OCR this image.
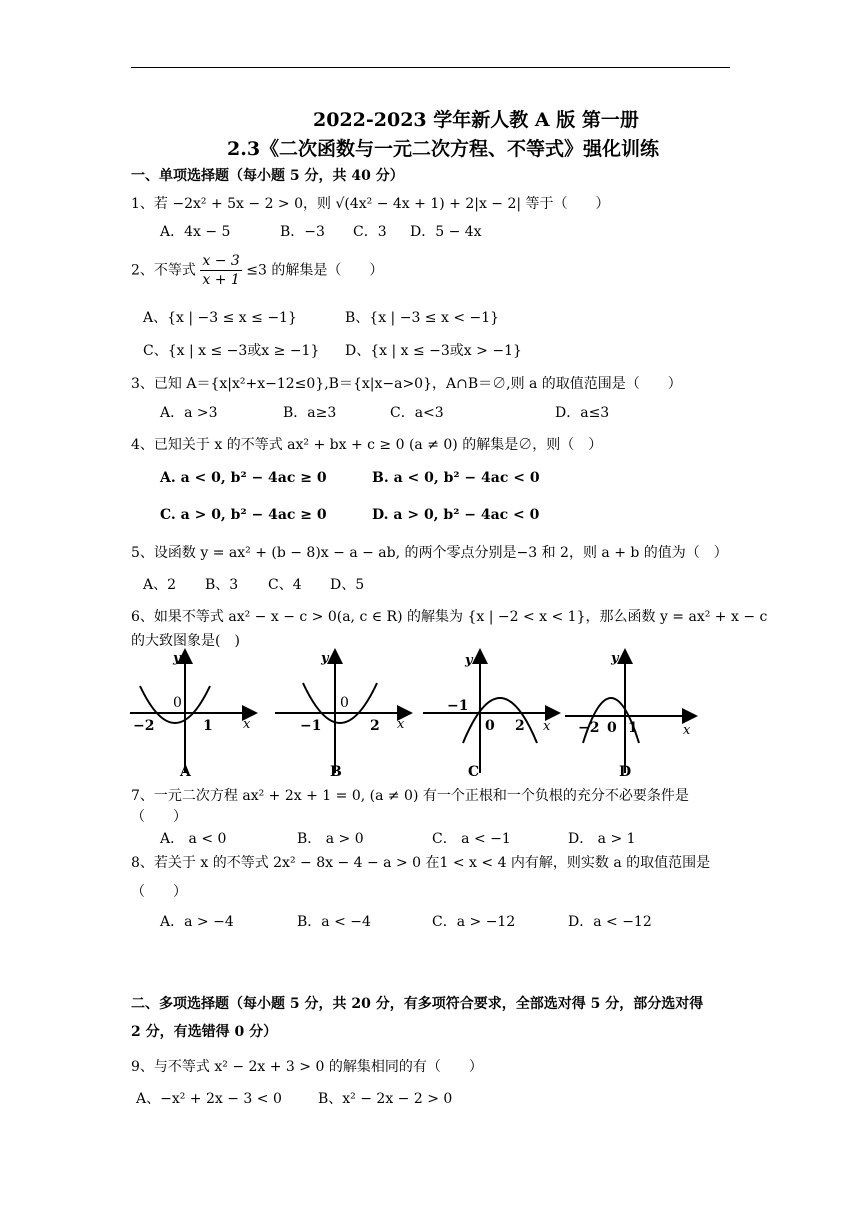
2022-2023 学年新人教 A 版 第一册
2.3《二次函数与一元二次方程、不等式》强化训练
一、单项选择题（每小题 5 分，共 40 分）
1、若 −2x² + 5x − 2 > 0，则 √(4x² − 4x + 1) + 2|x − 2| 等于（　　）
A．4x − 5	B．−3 C．3 D．5 − 4x
2、不等式 $\frac{x - 3}{x + 1} \le 3$ 的解集是（　　）
A、{x | −3 ≤ x ≤ −1}	B、{x | −3 ≤ x < −1}
C、{x | x ≤ −3或x ≥ −1} D、{x | x ≤ −3或x > −1}
3、已知 A＝{x|x²+x−12≤0},B＝{x|x−a>0}，A∩B＝∅,则 a 的取值范围是（　　）
A．a >3	B．a≥3	C．a<3	D．a≤3
4、已知关于 x 的不等式 ax² + bx + c ≥ 0 (a ≠ 0) 的解集是∅，则（　）
A. a < 0, b² − 4ac ≥ 0	B. a < 0, b² − 4ac < 0
C. a > 0, b² − 4ac ≥ 0	D. a > 0, b² − 4ac < 0
5、设函数 y = ax² + (b − 8)x − a − ab, 的两个零点分别是−3 和 2，则 a + b 的值为（　）
A、2 B、3 C、4 D、5
6、如果不等式 ax² − x − c > 0(a, c ∈ R) 的解集为 {x | −2 < x < 1}，那么函数 y = ax² + x − c
的大致图象是(　)
y
x
0
−2	1
A
y
x
0
−1	2
B
y
x
−1
0 2
C
y
x
−2 0 1
D
7、一元二次方程 ax² + 2x + 1 = 0, (a ≠ 0) 有一个正根和一个负根的充分不必要条件是
（　　）
A． a < 0	B． a > 0	C． a < −1	D． a > 1
8、若关于 x 的不等式 2x² − 8x − 4 − a > 0 在1 < x < 4 内有解，则实数 a 的取值范围是
（　　）
A．a > −4	B．a < −4	C．a > −12	D．a < −12
二、多项选择题（每小题 5 分，共 20 分，有多项符合要求，全部选对得 5 分，部分选对得
2 分，有选错得 0 分）
9、与不等式 x² − 2x + 3 > 0 的解集相同的有（　　）
A、−x² + 2x − 3 < 0	B、x² − 2x − 2 > 0
